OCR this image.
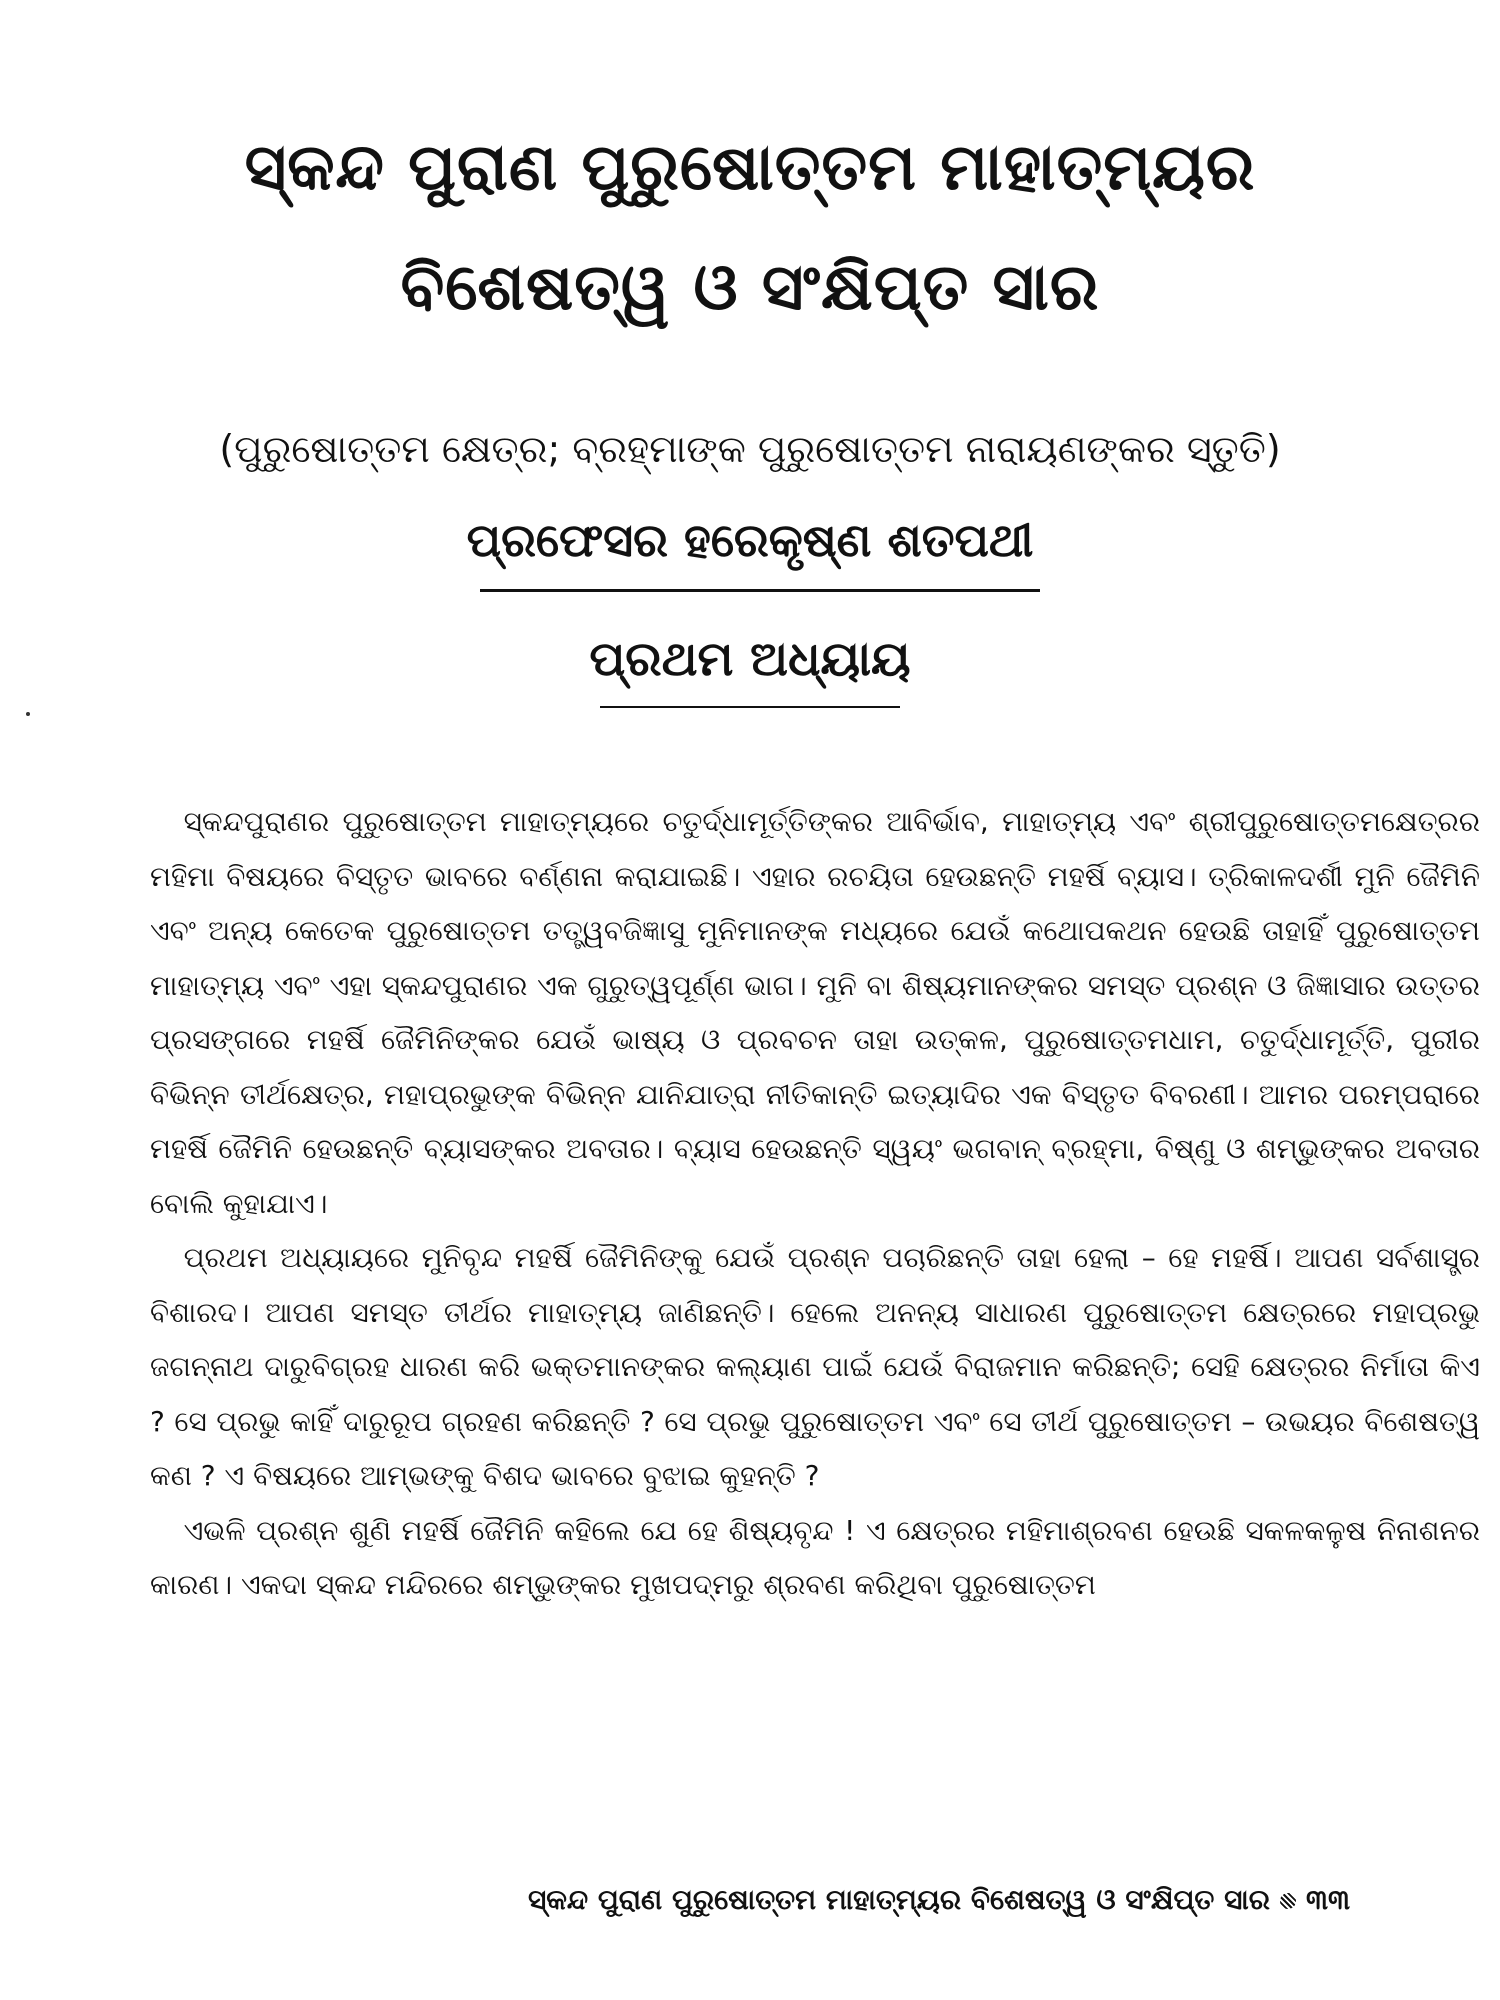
ସ୍କନ୍ଦ ପୁରାଣ ପୁରୁଷୋତ୍ତମ ମାହାତ୍ମ୍ୟର
ବିଶେଷତ୍ୱ ଓ ସଂକ୍ଷିପ୍ତ ସାର
(ପୁରୁଷୋତ୍ତମ କ୍ଷେତ୍ର; ବ୍ରହ୍ମାଙ୍କ ପୁରୁଷୋତ୍ତମ ନାରାୟଣଙ୍କର ସ୍ତୁତି)
ପ୍ରଫେସର ହରେକୃଷ୍ଣ ଶତପଥୀ
ପ୍ରଥମ ଅଧ୍ୟାୟ

ସ୍କନ୍ଦପୁରାଣର ପୁରୁଷୋତ୍ତମ ମାହାତ୍ମ୍ୟରେ ଚତୁର୍ଦ୍ଧାମୂର୍ତ୍ତିଙ୍କର ଆବିର୍ଭାବ, ମାହାତ୍ମ୍ୟ ଏବଂ ଶ୍ରୀପୁରୁଷୋତ୍ତମକ୍ଷେତ୍ରର ମହିମା ବିଷୟରେ ବିସ୍ତୃତ ଭାବରେ ବର୍ଣ୍ଣନା କରାଯାଇଛି। ଏହାର ରଚୟିତା ହେଉଛନ୍ତି ମହର୍ଷି ବ୍ୟାସ। ତ୍ରିକାଳଦର୍ଶୀ ମୁନି ଜୈମିନି ଏବଂ ଅନ୍ୟ କେତେକ ପୁରୁଷୋତ୍ତମ ତତ୍ତ୍ୱବଜିଜ୍ଞାସୁ ମୁନିମାନଙ୍କ ମଧ୍ୟରେ ଯେଉଁ କଥୋପକଥନ ହେଉଛି ତାହାହିଁ ପୁରୁଷୋତ୍ତମ ମାହାତ୍ମ୍ୟ ଏବଂ ଏହା ସ୍କନ୍ଦପୁରାଣର ଏକ ଗୁରୁତ୍ୱପୂର୍ଣ୍ଣ ଭାଗ। ମୁନି ବା ଶିଷ୍ୟମାନଙ୍କର ସମସ୍ତ ପ୍ରଶ୍ନ ଓ ଜିଜ୍ଞାସାର ଉତ୍ତର ପ୍ରସଙ୍ଗରେ ମହର୍ଷି ଜୈମିନିଙ୍କର ଯେଉଁ ଭାଷ୍ୟ ଓ ପ୍ରବଚନ ତାହା ଉତ୍କଳ, ପୁରୁଷୋତ୍ତମଧାମ, ଚତୁର୍ଦ୍ଧାମୂର୍ତ୍ତି, ପୁରୀର ବିଭିନ୍ନ ତୀର୍ଥକ୍ଷେତ୍ର, ମହାପ୍ରଭୁଙ୍କ ବିଭିନ୍ନ ଯାନିଯାତ୍ରା ନୀତିକାନ୍ତି ଇତ୍ୟାଦିର ଏକ ବିସ୍ତୃତ ବିବରଣୀ। ଆମର ପରମ୍ପରାରେ ମହର୍ଷି ଜୈମିନି ହେଉଛନ୍ତି ବ୍ୟାସଙ୍କର ଅବତାର। ବ୍ୟାସ ହେଉଛନ୍ତି ସ୍ୱୟଂ ଭଗବାନ୍ ବ୍ରହ୍ମା, ବିଷ୍ଣୁ ଓ ଶମ୍ଭୁଙ୍କର ଅବତାର ବୋଲି କୁହାଯାଏ।

ପ୍ରଥମ ଅଧ୍ୟାୟରେ ମୁନିବୃନ୍ଦ ମହର୍ଷି ଜୈମିନିଙ୍କୁ ଯେଉଁ ପ୍ରଶ୍ନ ପଚାରିଛନ୍ତି ତାହା ହେଲା – ହେ ମହର୍ଷି। ଆପଣ ସର୍ବଶାସ୍ତ୍ର ବିଶାରଦ। ଆପଣ ସମସ୍ତ ତୀର୍ଥର ମାହାତ୍ମ୍ୟ ଜାଣିଛନ୍ତି। ହେଲେ ଅନନ୍ୟ ସାଧାରଣ ପୁରୁଷୋତ୍ତମ କ୍ଷେତ୍ରରେ ମହାପ୍ରଭୁ ଜଗନ୍ନାଥ ଦାରୁବିଗ୍ରହ ଧାରଣ କରି ଭକ୍ତମାନଙ୍କର କଲ୍ୟାଣ ପାଇଁ ଯେଉଁ ବିରାଜମାନ କରିଛନ୍ତି; ସେହି କ୍ଷେତ୍ରର ନିର୍ମାତା କିଏ ? ସେ ପ୍ରଭୁ କାହିଁ ଦାରୁରୂପ ଗ୍ରହଣ କରିଛନ୍ତି ? ସେ ପ୍ରଭୁ ପୁରୁଷୋତ୍ତମ ଏବଂ ସେ ତୀର୍ଥ ପୁରୁଷୋତ୍ତମ – ଉଭୟର ବିଶେଷତ୍ୱ କଣ ? ଏ ବିଷୟରେ ଆମ୍ଭଙ୍କୁ ବିଶଦ ଭାବରେ ବୁଝାଇ କୁହନ୍ତି ?

ଏଭଳି ପ୍ରଶ୍ନ ଶୁଣି ମହର୍ଷି ଜୈମିନି କହିଲେ ଯେ ହେ ଶିଷ୍ୟବୃନ୍ଦ ! ଏ କ୍ଷେତ୍ରର ମହିମାଶ୍ରବଣ ହେଉଛି ସକଳକଳୁଷ ନିନାଶନର କାରଣ। ଏକଦା ସ୍କନ୍ଦ ମନ୍ଦିରରେ ଶମ୍ଭୁଙ୍କର ମୁଖପଦ୍ମରୁ ଶ୍ରବଣ କରିଥିବା ପୁରୁଷୋତ୍ତମ

ସ୍କନ୍ଦ ପୁରାଣ ପୁରୁଷୋତ୍ତମ ମାହାତ୍ମ୍ୟର ବିଶେଷତ୍ୱ ଓ ସଂକ୍ଷିପ୍ତ ସାର ୩୩
